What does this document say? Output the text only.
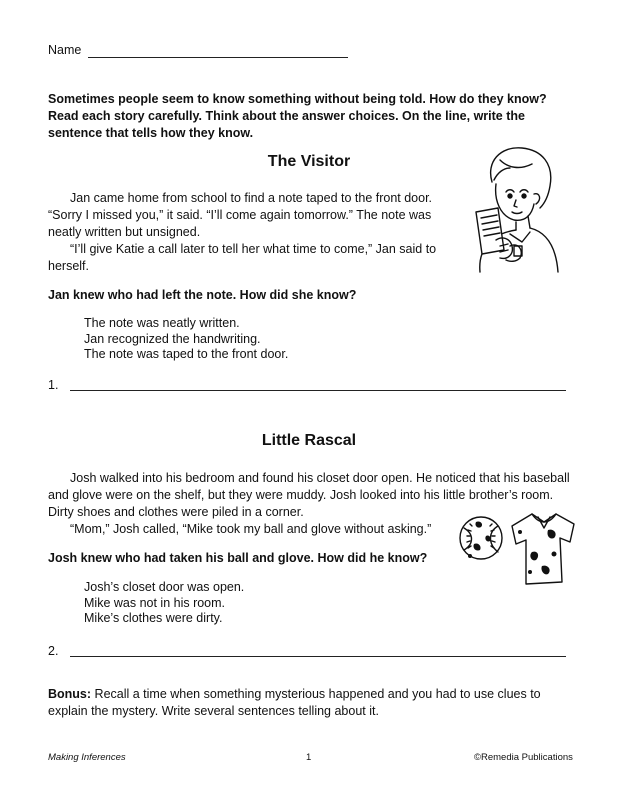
Name
Sometimes people seem to know something without being told. How do they know? Read each story carefully. Think about the answer choices. On the line, write the sentence that tells how they know.
The Visitor

Jan came home from school to find a note taped to the front door.

“Sorry I missed you,” it said. “I’ll come again tomorrow.” The note was

neatly written but unsigned.

“I’ll give Katie a call later to tell her what time to come,” Jan said to

herself.

Jan knew who had left the note. How did she know?
The note was neatly written.
Jan recognized the handwriting.
The note was taped to the front door.
1.
Little Rascal

Josh walked into his bedroom and found his closet door open. He noticed that his baseball

and glove were on the shelf, but they were muddy. Josh looked into his little brother’s room.

Dirty shoes and clothes were piled in a corner.

“Mom,” Josh called, “Mike took my ball and glove without asking.”

Josh knew who had taken his ball and glove. How did he know?
Josh’s closet door was open.
Mike was not in his room.
Mike’s clothes were dirty.
2.
Bonus: Recall a time when something mysterious happened and you had to use clues to
explain the mystery. Write several sentences telling about it.
Making Inferences	1	©Remedia Publications
